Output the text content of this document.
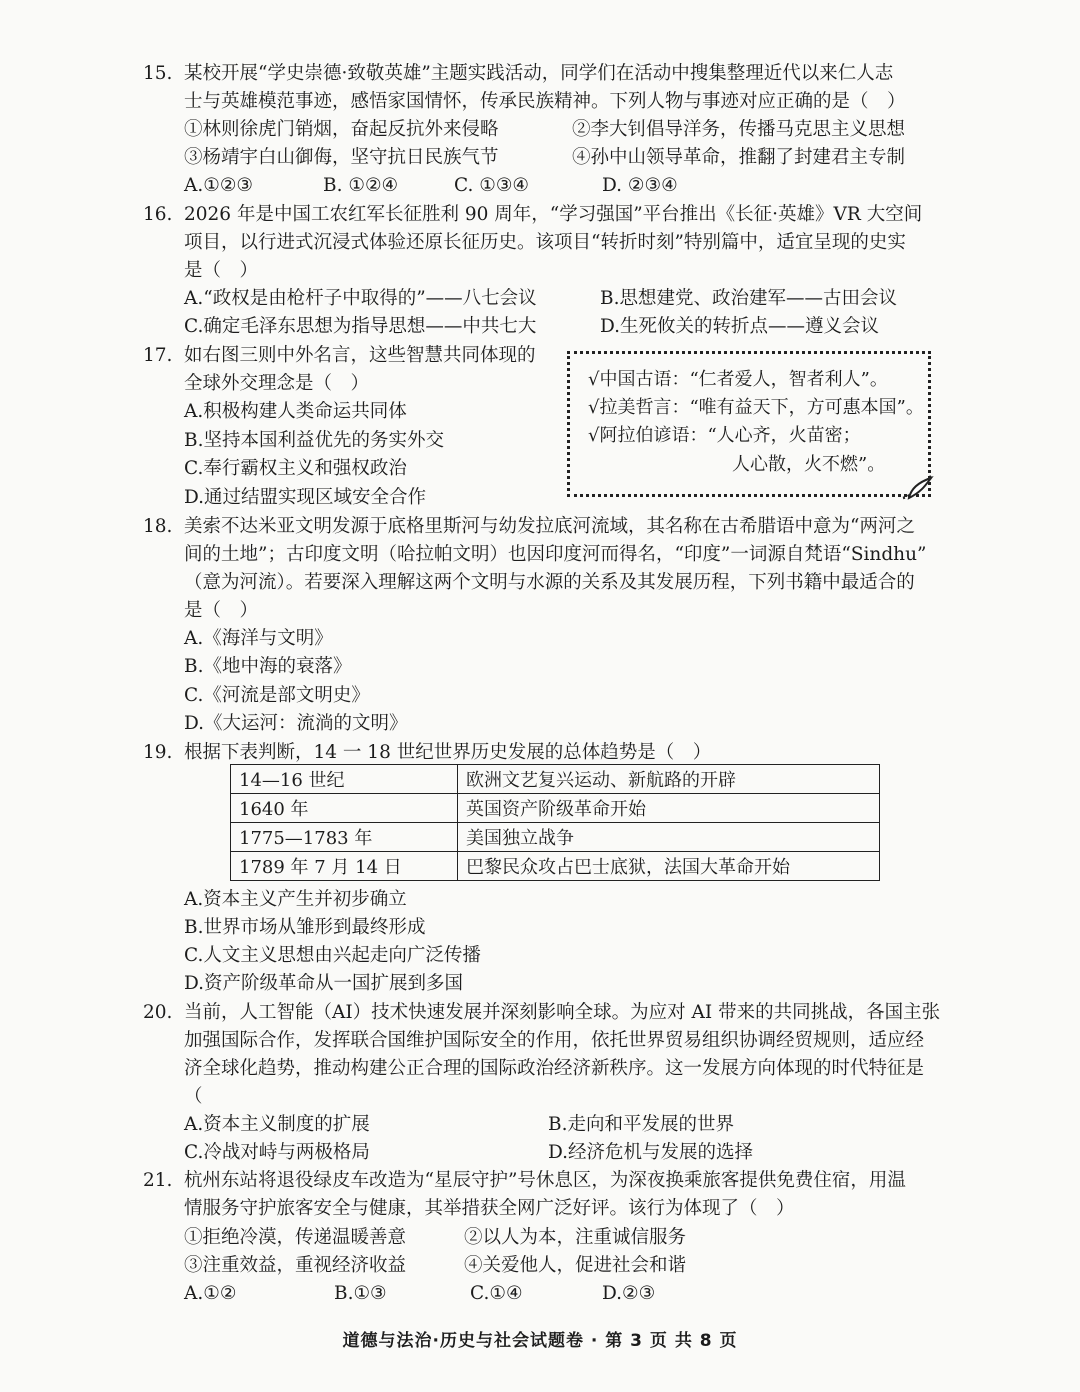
15. 某校开展“学史崇德·致敬英雄”主题实践活动，同学们在活动中搜集整理近代以来仁人志
士与英雄模范事迹，感悟家国情怀，传承民族精神。下列人物与事迹对应正确的是（　）
①林则徐虎门销烟，奋起反抗外来侵略	②李大钊倡导洋务，传播马克思主义思想
③杨靖宇白山御侮，坚守抗日民族气节	④孙中山领导革命，推翻了封建君主专制
A.①②③	B. ①②④	C. ①③④	D. ②③④
16. 2026 年是中国工农红军长征胜利 90 周年，“学习强国”平台推出《长征·英雄》VR 大空间
项目，以行进式沉浸式体验还原长征历史。该项目“转折时刻”特别篇中，适宜呈现的史实
是（　）
A.“政权是由枪杆子中取得的”——八七会议	B.思想建党、政治建军——古田会议
C.确定毛泽东思想为指导思想——中共七大	D.生死攸关的转折点——遵义会议
17. 如右图三则中外名言，这些智慧共同体现的
全球外交理念是（　）
A.积极构建人类命运共同体
B.坚持本国利益优先的务实外交
C.奉行霸权主义和强权政治
D.通过结盟实现区域安全合作
√中国古语：“仁者爱人，智者利人”。
√拉美哲言：“唯有益天下，方可惠本国”。
√阿拉伯谚语：“人心齐，火苗密；
人心散，火不燃”。
18. 美索不达米亚文明发源于底格里斯河与幼发拉底河流域，其名称在古希腊语中意为“两河之
间的土地”；古印度文明（哈拉帕文明）也因印度河而得名，“印度”一词源自梵语“Sindhu”
（意为河流）。若要深入理解这两个文明与水源的关系及其发展历程，下列书籍中最适合的
是（　）
A.《海洋与文明》
B.《地中海的衰落》
C.《河流是部文明史》
D.《大运河：流淌的文明》
19. 根据下表判断，14 一 18 世纪世界历史发展的总体趋势是（　）
14—16 世纪	欧洲文艺复兴运动、新航路的开辟
1640 年	英国资产阶级革命开始
1775—1783 年	美国独立战争
1789 年 7 月 14 日	巴黎民众攻占巴士底狱，法国大革命开始
A.资本主义产生并初步确立
B.世界市场从雏形到最终形成
C.人文主义思想由兴起走向广泛传播
D.资产阶级革命从一国扩展到多国
20. 当前，人工智能（AI）技术快速发展并深刻影响全球。为应对 AI 带来的共同挑战，各国主张
加强国际合作，发挥联合国维护国际安全的作用，依托世界贸易组织协调经贸规则，适应经
济全球化趋势，推动构建公正合理的国际政治经济新秩序。这一发展方向体现的时代特征是
（
A.资本主义制度的扩展	B.走向和平发展的世界
C.冷战对峙与两极格局	D.经济危机与发展的选择
21. 杭州东站将退役绿皮车改造为“星辰守护”号休息区，为深夜换乘旅客提供免费住宿，用温
情服务守护旅客安全与健康，其举措获全网广泛好评。该行为体现了（　）
①拒绝冷漠，传递温暖善意	②以人为本，注重诚信服务
③注重效益，重视经济收益	④关爱他人，促进社会和谐
A.①②	B.①③	C.①④	D.②③
道德与法治·历史与社会试题卷 · 第 3 页 共 8 页
